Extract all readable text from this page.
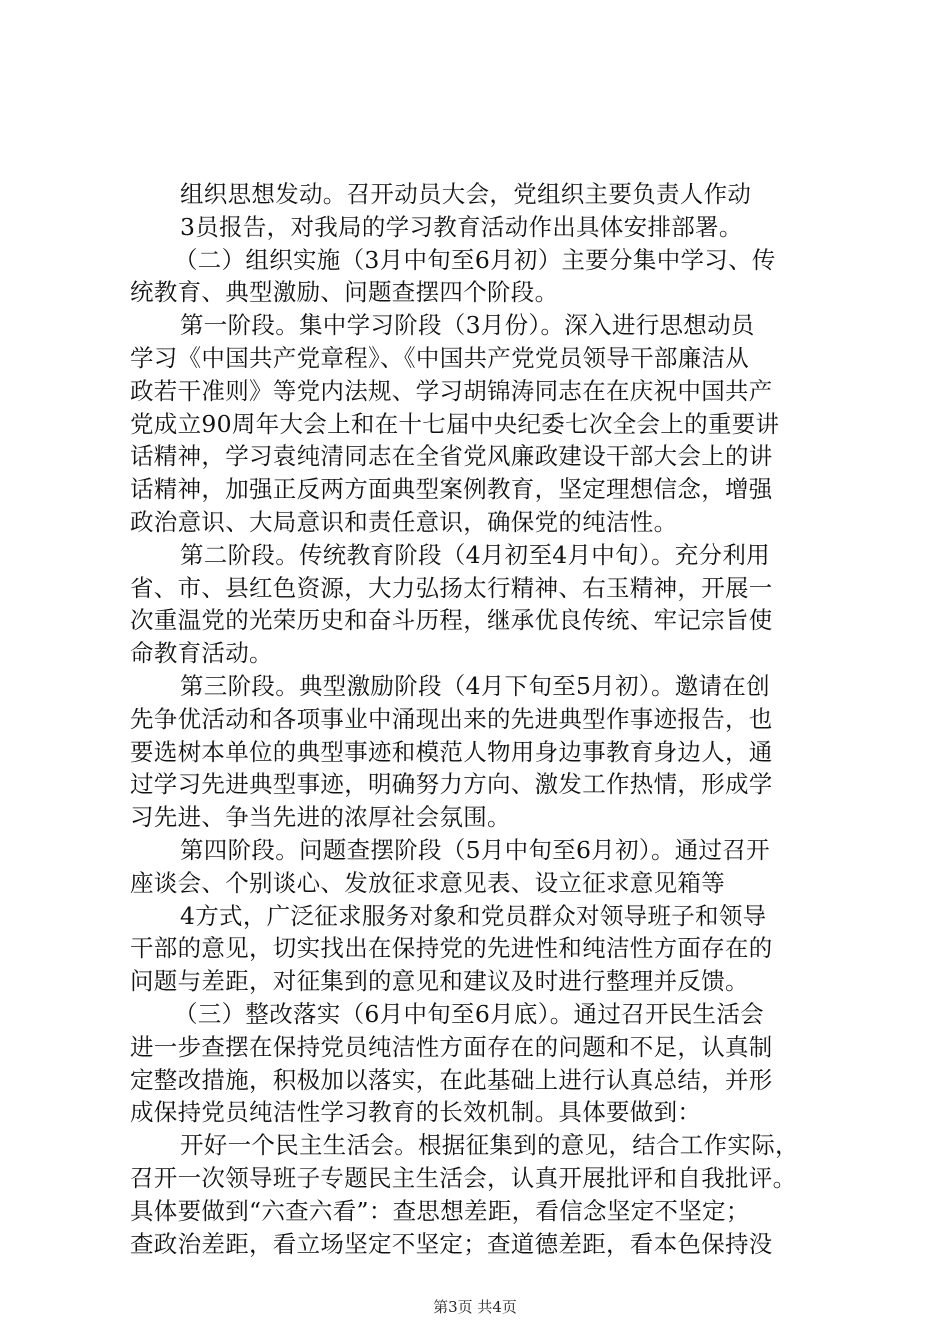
组织思想发动。召开动员大会，党组织主要负责人作动
3员报告，对我局的学习教育活动作出具体安排部署。
（二）组织实施（3月中旬至6月初）主要分集中学习、传
统教育、典型激励、问题查摆四个阶段。
第一阶段。集中学习阶段（3月份）。深入进行思想动员
学习《中国共产党章程》、《中国共产党党员领导干部廉洁从
政若干准则》等党内法规、学习胡锦涛同志在在庆祝中国共产
党成立90周年大会上和在十七届中央纪委七次全会上的重要讲
话精神，学习袁纯清同志在全省党风廉政建设干部大会上的讲
话精神，加强正反两方面典型案例教育，坚定理想信念，增强
政治意识、大局意识和责任意识，确保党的纯洁性。
第二阶段。传统教育阶段（4月初至4月中旬）。充分利用
省、市、县红色资源，大力弘扬太行精神、右玉精神，开展一
次重温党的光荣历史和奋斗历程，继承优良传统、牢记宗旨使
命教育活动。
第三阶段。典型激励阶段（4月下旬至5月初）。邀请在创
先争优活动和各项事业中涌现出来的先进典型作事迹报告，也
要选树本单位的典型事迹和模范人物用身边事教育身边人，通
过学习先进典型事迹，明确努力方向、激发工作热情，形成学
习先进、争当先进的浓厚社会氛围。
第四阶段。问题查摆阶段（5月中旬至6月初）。通过召开
座谈会、个别谈心、发放征求意见表、设立征求意见箱等
4方式，广泛征求服务对象和党员群众对领导班子和领导
干部的意见，切实找出在保持党的先进性和纯洁性方面存在的
问题与差距，对征集到的意见和建议及时进行整理并反馈。
（三）整改落实（6月中旬至6月底）。通过召开民生活会
进一步查摆在保持党员纯洁性方面存在的问题和不足，认真制
定整改措施，积极加以落实，在此基础上进行认真总结，并形
成保持党员纯洁性学习教育的长效机制。具体要做到：
开好一个民主生活会。根据征集到的意见，结合工作实际，
召开一次领导班子专题民主生活会，认真开展批评和自我批评。
具体要做到“六查六看”：查思想差距，看信念坚定不坚定；
查政治差距，看立场坚定不坚定；查道德差距，看本色保持没
第3页 共4页
